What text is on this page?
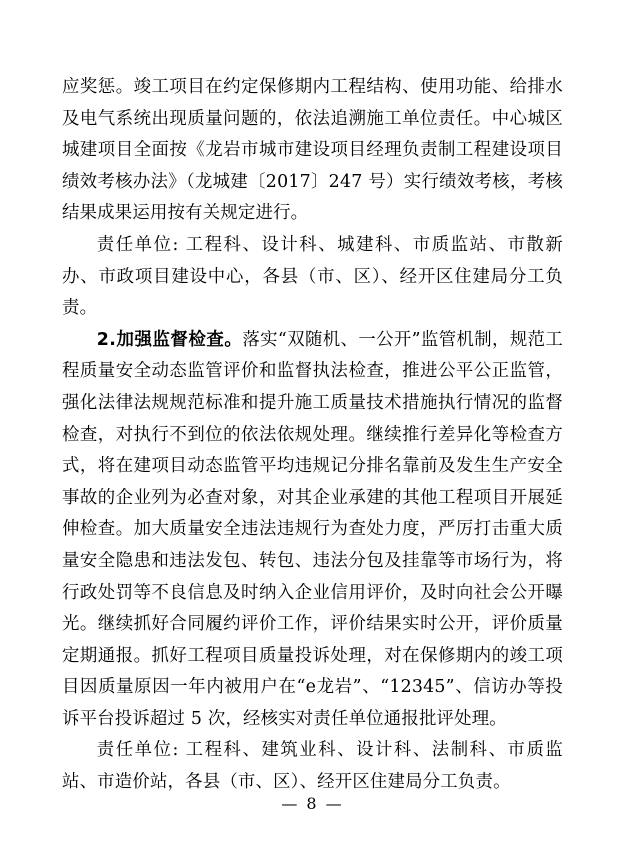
应奖惩。竣工项目在约定保修期内工程结构、使用功能、给排水及电气系统出现质量问题的，依法追溯施工单位责任。中心城区城建项目全面按《龙岩市城市建设项目经理负责制工程建设项目绩效考核办法》（龙城建〔2017〕247 号）实行绩效考核，考核结果成果运用按有关规定进行。

责任单位: 工程科、设计科、城建科、市质监站、市散新办、市政项目建设中心，各县（市、区）、经开区住建局分工负责。

2.加强监督检查。落实“双随机、一公开”监管机制，规范工程质量安全动态监管评价和监督执法检查，推进公平公正监管，强化法律法规规范标准和提升施工质量技术措施执行情况的监督检查，对执行不到位的依法依规处理。继续推行差异化等检查方式，将在建项目动态监管平均违规记分排名靠前及发生生产安全事故的企业列为必查对象，对其企业承建的其他工程项目开展延伸检查。加大质量安全违法违规行为查处力度，严厉打击重大质量安全隐患和违法发包、转包、违法分包及挂靠等市场行为，将行政处罚等不良信息及时纳入企业信用评价，及时向社会公开曝光。继续抓好合同履约评价工作，评价结果实时公开，评价质量定期通报。抓好工程项目质量投诉处理，对在保修期内的竣工项目因质量原因一年内被用户在“e龙岩”、“12345”、信访办等投诉平台投诉超过 5 次，经核实对责任单位通报批评处理。

责任单位: 工程科、建筑业科、设计科、法制科、市质监站、市造价站，各县（市、区）、经开区住建局分工负责。

— 8 —
